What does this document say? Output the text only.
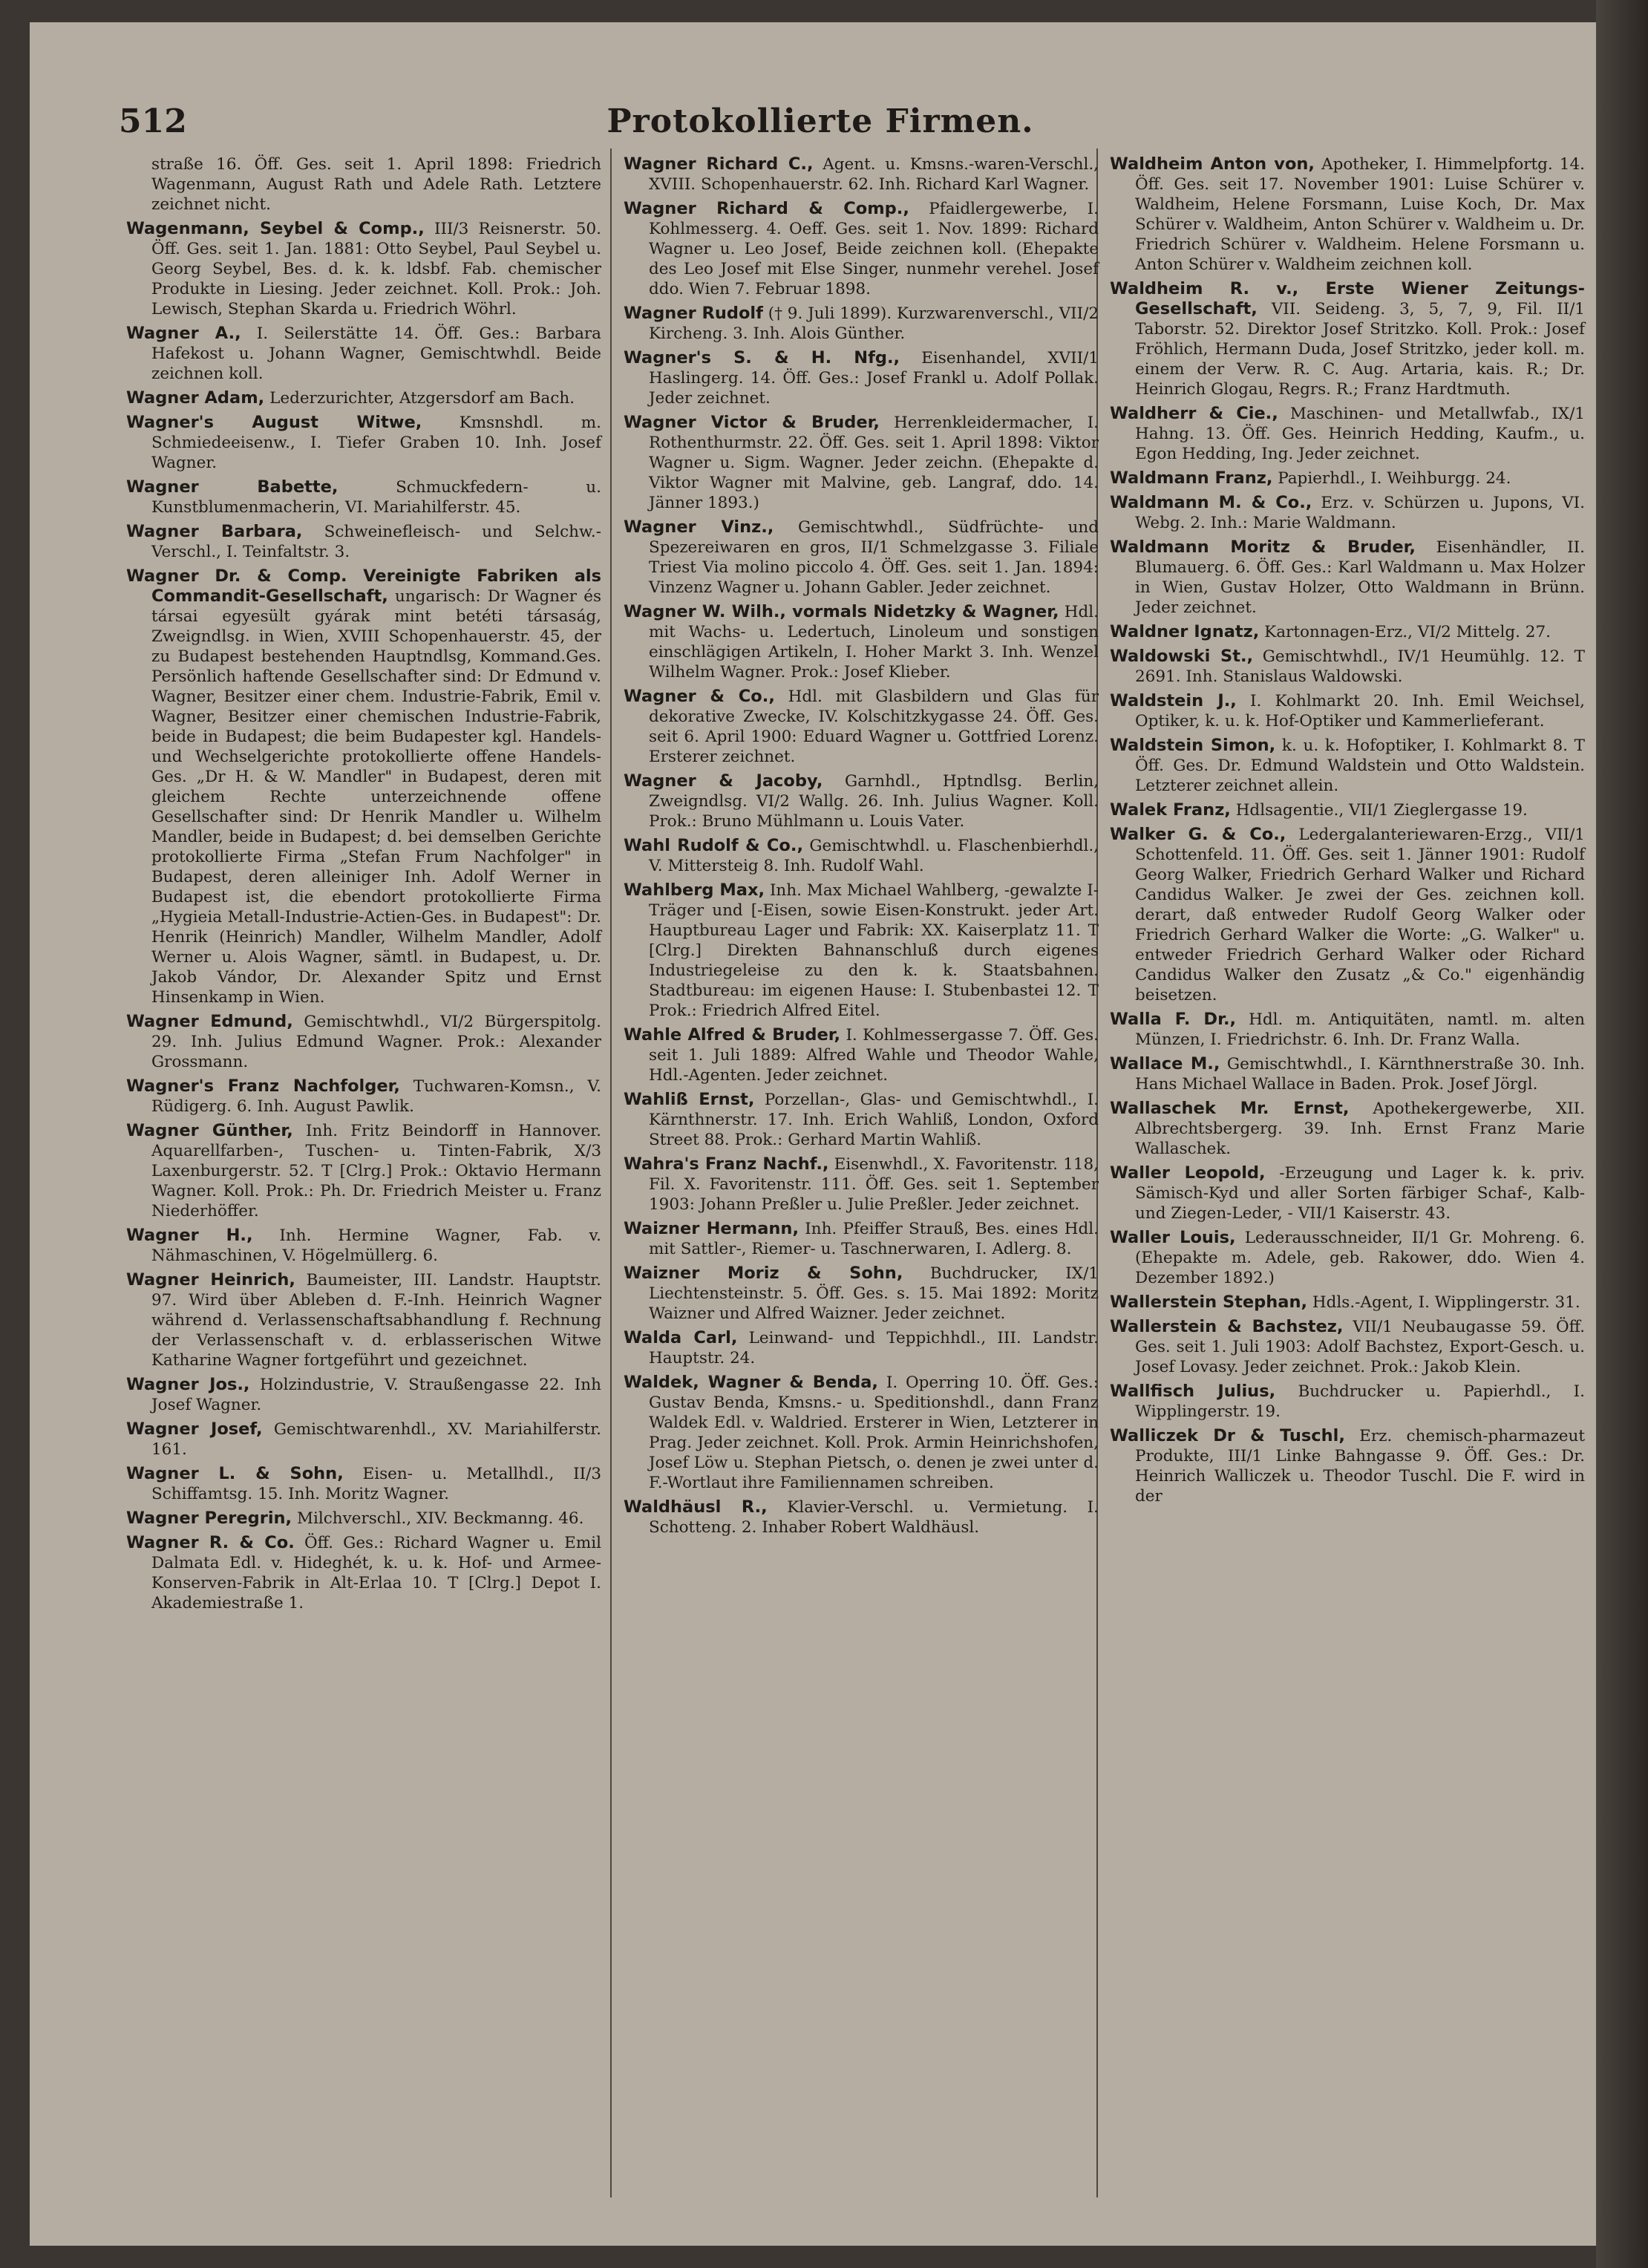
512	Protokollierte Firmen.

straße 16. Öff. Ges. seit 1. April 1898: Friedrich Wagenmann, August Rath und Adele Rath. Letztere zeichnet nicht.

Wagenmann, Seybel & Comp., III/3 Reisnerstr. 50. Öff. Ges. seit 1. Jan. 1881: Otto Seybel, Paul Seybel u. Georg Seybel, Bes. d. k. k. ldsbf. Fab. chemischer Produkte in Liesing. Jeder zeichnet. Koll. Prok.: Joh. Lewisch, Stephan Skarda u. Friedrich Wöhrl.

Wagner A., I. Seilerstätte 14. Öff. Ges.: Barbara Hafekost u. Johann Wagner, Gemischtwhdl. Beide zeichnen koll.

Wagner Adam, Lederzurichter, Atzgersdorf am Bach.

Wagner's August Witwe, Kmsnshdl. m. Schmiedeeisenw., I. Tiefer Graben 10. Inh. Josef Wagner.

Wagner Babette,	Schmuckfedern- u. Kunstblumenmacherin, VI. Mariahilferstr. 45.

Wagner Barbara, Schweinefleisch- und Selchw.-Verschl., I. Teinfaltstr. 3.

Wagner Dr. & Comp. Vereinigte Fabriken als Commandit-Gesellschaft, ungarisch: Dr Wagner és társai egyesült gyárak mint betéti társaság, Zweigndlsg. in Wien, XVIII Schopenhauerstr. 45, der zu Budapest bestehenden Hauptndlsg, Kommand.Ges. Persönlich haftende Gesellschafter sind: Dr Edmund v. Wagner, Besitzer einer chem. Industrie-Fabrik, Emil v. Wagner, Besitzer einer chemischen Industrie-Fabrik, beide in Budapest; die beim Budapester kgl. Handels- und Wechselgerichte protokollierte offene Handels-Ges. „Dr H. & W. Mandler" in Budapest, deren mit gleichem Rechte unterzeichnende offene Gesellschafter sind: Dr Henrik Mandler u. Wilhelm Mandler, beide in Budapest; d. bei demselben Gerichte protokollierte Firma „Stefan Frum Nachfolger" in Budapest, deren alleiniger Inh. Adolf Werner in Budapest ist, die ebendort protokollierte Firma „Hygieia Metall-Industrie-Actien-Ges. in Budapest": Dr. Henrik (Heinrich) Mandler, Wilhelm Mandler, Adolf Werner u. Alois Wagner, sämtl. in Budapest, u. Dr. Jakob Vándor, Dr. Alexander Spitz und Ernst Hinsenkamp in Wien.

Wagner Edmund, Gemischtwhdl., VI/2 Bürgerspitolg. 29. Inh. Julius Edmund Wagner. Prok.: Alexander Grossmann.

Wagner's Franz Nachfolger, Tuchwaren-Komsn., V. Rüdigerg. 6. Inh. August Pawlik.

Wagner Günther, Inh. Fritz Beindorff in Hannover. Aquarellfarben-, Tuschen- u. Tinten-Fabrik, X/3 Laxenburgerstr. 52. T [Clrg.] Prok.: Oktavio Hermann Wagner. Koll. Prok.: Ph. Dr. Friedrich Meister u. Franz Niederhöffer.

Wagner H., Inh. Hermine Wagner, Fab. v. Nähmaschinen, V. Högelmüllerg. 6.

Wagner Heinrich, Baumeister, III. Landstr. Hauptstr. 97. Wird über Ableben d. F.-Inh. Heinrich Wagner während d. Verlassenschaftsabhandlung f. Rechnung der Verlassenschaft v. d. erblasserischen Witwe Katharine Wagner fortgeführt und gezeichnet.

Wagner Jos., Holzindustrie, V. Straußengasse 22. Inh Josef Wagner.

Wagner Josef, Gemischtwarenhdl., XV. Mariahilferstr. 161.

Wagner L. & Sohn, Eisen- u. Metallhdl., II/3 Schiffamtsg. 15. Inh. Moritz Wagner.

Wagner Peregrin, Milchverschl., XIV. Beckmanng. 46.

Wagner R. & Co. Öff. Ges.: Richard Wagner u. Emil Dalmata Edl. v. Hideghét, k. u. k. Hof- und Armee-Konserven-Fabrik in Alt-Erlaa 10. T [Clrg.] Depot I. Akademiestraße 1.

Wagner Richard C., Agent. u. Kmsns.-waren-Verschl., XVIII. Schopenhauerstr. 62. Inh. Richard Karl Wagner.

Wagner Richard & Comp., Pfaidlergewerbe, I. Kohlmesserg. 4. Oeff. Ges. seit 1. Nov. 1899: Richard Wagner u. Leo Josef, Beide zeichnen koll. (Ehepakte des Leo Josef mit Else Singer, nunmehr verehel. Josef ddo. Wien 7. Februar 1898.

Wagner Rudolf († 9. Juli 1899). Kurzwarenverschl., VII/2 Kircheng. 3. Inh. Alois Günther.

Wagner's S. & H. Nfg., Eisenhandel, XVII/1 Haslingerg. 14. Öff. Ges.: Josef Frankl u. Adolf Pollak. Jeder zeichnet.

Wagner Victor & Bruder, Herrenkleidermacher, I. Rothenthurmstr. 22. Öff. Ges. seit 1. April 1898: Viktor Wagner u. Sigm. Wagner. Jeder zeichn. (Ehepakte d. Viktor Wagner mit Malvine, geb. Langraf, ddo. 14. Jänner 1893.)

Wagner Vinz., Gemischtwhdl., Südfrüchte- und Spezereiwaren en gros, II/1 Schmelzgasse 3. Filiale Triest Via molino piccolo 4. Öff. Ges. seit 1. Jan. 1894: Vinzenz Wagner u. Johann Gabler. Jeder zeichnet.

Wagner W. Wilh., vormals Nidetzky & Wagner, Hdl. mit Wachs- u. Ledertuch, Linoleum und sonstigen einschlägigen Artikeln, I. Hoher Markt 3. Inh. Wenzel Wilhelm Wagner. Prok.: Josef Klieber.

Wagner & Co., Hdl. mit Glasbildern und Glas für dekorative Zwecke, IV. Kolschitzkygasse 24. Öff. Ges. seit 6. April 1900: Eduard Wagner u. Gottfried Lorenz. Ersterer zeichnet.

Wagner & Jacoby, Garnhdl., Hptndlsg. Berlin, Zweigndlsg. VI/2 Wallg. 26. Inh. Julius Wagner. Koll. Prok.: Bruno Mühlmann u. Louis Vater.

Wahl Rudolf & Co., Gemischtwhdl. u. Flaschenbierhdl., V. Mittersteig 8. Inh. Rudolf Wahl.

Wahlberg Max, Inh. Max Michael Wahlberg, -gewalzte I-Träger und [-Eisen, sowie Eisen-Konstrukt. jeder Art. Hauptbureau Lager und Fabrik: XX. Kaiserplatz 11. T [Clrg.] Direkten Bahnanschluß durch eigenes Industriegeleise zu den k. k. Staatsbahnen. Stadtbureau: im eigenen Hause: I. Stubenbastei 12. T Prok.: Friedrich Alfred Eitel.

Wahle Alfred & Bruder, I. Kohlmessergasse 7. Öff. Ges. seit 1. Juli 1889: Alfred Wahle und Theodor Wahle, Hdl.-Agenten. Jeder zeichnet.

Wahliß Ernst, Porzellan-, Glas- und Gemischtwhdl., I. Kärnthnerstr. 17. Inh. Erich Wahliß, London, Oxford Street 88. Prok.: Gerhard Martin Wahliß.

Wahra's Franz Nachf., Eisenwhdl., X. Favoritenstr. 118, Fil. X. Favoritenstr. 111. Öff. Ges. seit 1. September 1903: Johann Preßler u. Julie Preßler. Jeder zeichnet.

Waizner Hermann, Inh. Pfeiffer Strauß, Bes. eines Hdl. mit Sattler-, Riemer- u. Taschnerwaren, I. Adlerg. 8.

Waizner Moriz & Sohn, Buchdrucker, IX/1 Liechtensteinstr. 5. Öff. Ges. s. 15. Mai 1892: Moritz Waizner und Alfred Waizner. Jeder zeichnet.

Walda Carl, Leinwand- und Teppichhdl., III. Landstr. Hauptstr. 24.

Waldek, Wagner & Benda, I. Operring 10. Öff. Ges.: Gustav Benda, Kmsns.- u. Speditionshdl., dann Franz Waldek Edl. v. Waldried. Ersterer in Wien, Letzterer in Prag. Jeder zeichnet. Koll. Prok. Armin Heinrichshofen, Josef Löw u. Stephan Pietsch, o. denen je zwei unter d. F.-Wortlaut ihre Familiennamen schreiben.

Waldhäusl R., Klavier-Verschl. u. Vermietung. I. Schotteng. 2. Inhaber Robert Waldhäusl.

Waldheim Anton von, Apotheker, I. Himmelpfortg. 14. Öff. Ges. seit 17. November 1901: Luise Schürer v. Waldheim, Helene Forsmann, Luise Koch, Dr. Max Schürer v. Waldheim, Anton Schürer v. Waldheim u. Dr. Friedrich Schürer v. Waldheim. Helene Forsmann u. Anton Schürer v. Waldheim zeichnen koll.

Waldheim R. v., Erste Wiener Zeitungs-Gesellschaft, VII. Seideng. 3, 5, 7, 9, Fil. II/1 Taborstr. 52. Direktor Josef Stritzko. Koll. Prok.: Josef Fröhlich, Hermann Duda, Josef Stritzko, jeder koll. m. einem der Verw. R. C. Aug. Artaria, kais. R.; Dr. Heinrich Glogau, Regrs. R.; Franz Hardtmuth.

Waldherr & Cie., Maschinen- und Metallwfab., IX/1 Hahng. 13. Öff. Ges. Heinrich Hedding, Kaufm., u. Egon Hedding, Ing. Jeder zeichnet.

Waldmann Franz, Papierhdl., I. Weihburgg. 24.

Waldmann M. & Co., Erz. v. Schürzen u. Jupons, VI. Webg. 2. Inh.: Marie Waldmann.

Waldmann Moritz & Bruder, Eisenhändler, II. Blumauerg. 6. Öff. Ges.: Karl Waldmann u. Max Holzer in Wien, Gustav Holzer, Otto Waldmann in Brünn. Jeder zeichnet.

Waldner Ignatz, Kartonnagen-Erz., VI/2 Mittelg. 27.

Waldowski St., Gemischtwhdl., IV/1 Heumühlg. 12. T 2691. Inh. Stanislaus Waldowski.

Waldstein J., I. Kohlmarkt 20. Inh. Emil Weichsel, Optiker, k. u. k. Hof-Optiker und Kammerlieferant.

Waldstein Simon, k. u. k. Hofoptiker, I. Kohlmarkt 8. T Öff. Ges. Dr. Edmund Waldstein und Otto Waldstein. Letzterer zeichnet allein.

Walek Franz, Hdlsagentie., VII/1 Zieglergasse 19.

Walker G. & Co., Ledergalanteriewaren-Erzg., VII/1 Schottenfeld. 11. Öff. Ges. seit 1. Jänner 1901: Rudolf Georg Walker, Friedrich Gerhard Walker und Richard Candidus Walker. Je zwei der Ges. zeichnen koll. derart, daß entweder Rudolf Georg Walker oder Friedrich Gerhard Walker die Worte: „G. Walker" u. entweder Friedrich Gerhard Walker oder Richard Candidus Walker den Zusatz „& Co." eigenhändig beisetzen.

Walla F. Dr., Hdl. m. Antiquitäten, namtl. m. alten Münzen, I. Friedrichstr. 6. Inh. Dr. Franz Walla.

Wallace M., Gemischtwhdl., I. Kärnthnerstraße 30. Inh. Hans Michael Wallace in Baden. Prok. Josef Jörgl.

Wallaschek Mr. Ernst, Apothekergewerbe, XII. Albrechtsbergerg. 39. Inh. Ernst Franz Marie Wallaschek.

Waller Leopold, -Erzeugung und Lager k. k. priv. Sämisch-Kyd und aller Sorten färbiger Schaf-, Kalb- und Ziegen-Leder, - VII/1 Kaiserstr. 43.

Waller Louis, Lederausschneider, II/1 Gr. Mohreng. 6. (Ehepakte m. Adele, geb. Rakower, ddo. Wien 4. Dezember 1892.)

Wallerstein Stephan, Hdls.-Agent, I. Wipplingerstr. 31.

Wallerstein & Bachstez, VII/1 Neubaugasse 59. Öff. Ges. seit 1. Juli 1903: Adolf Bachstez, Export-Gesch. u. Josef Lovasy. Jeder zeichnet. Prok.: Jakob Klein.

Wallfisch Julius, Buchdrucker u. Papierhdl., I. Wipplingerstr. 19.

Walliczek Dr & Tuschl, Erz. chemisch-pharmazeut Produkte, III/1 Linke Bahngasse 9. Öff. Ges.: Dr. Heinrich Walliczek u. Theodor Tuschl. Die F. wird in der
